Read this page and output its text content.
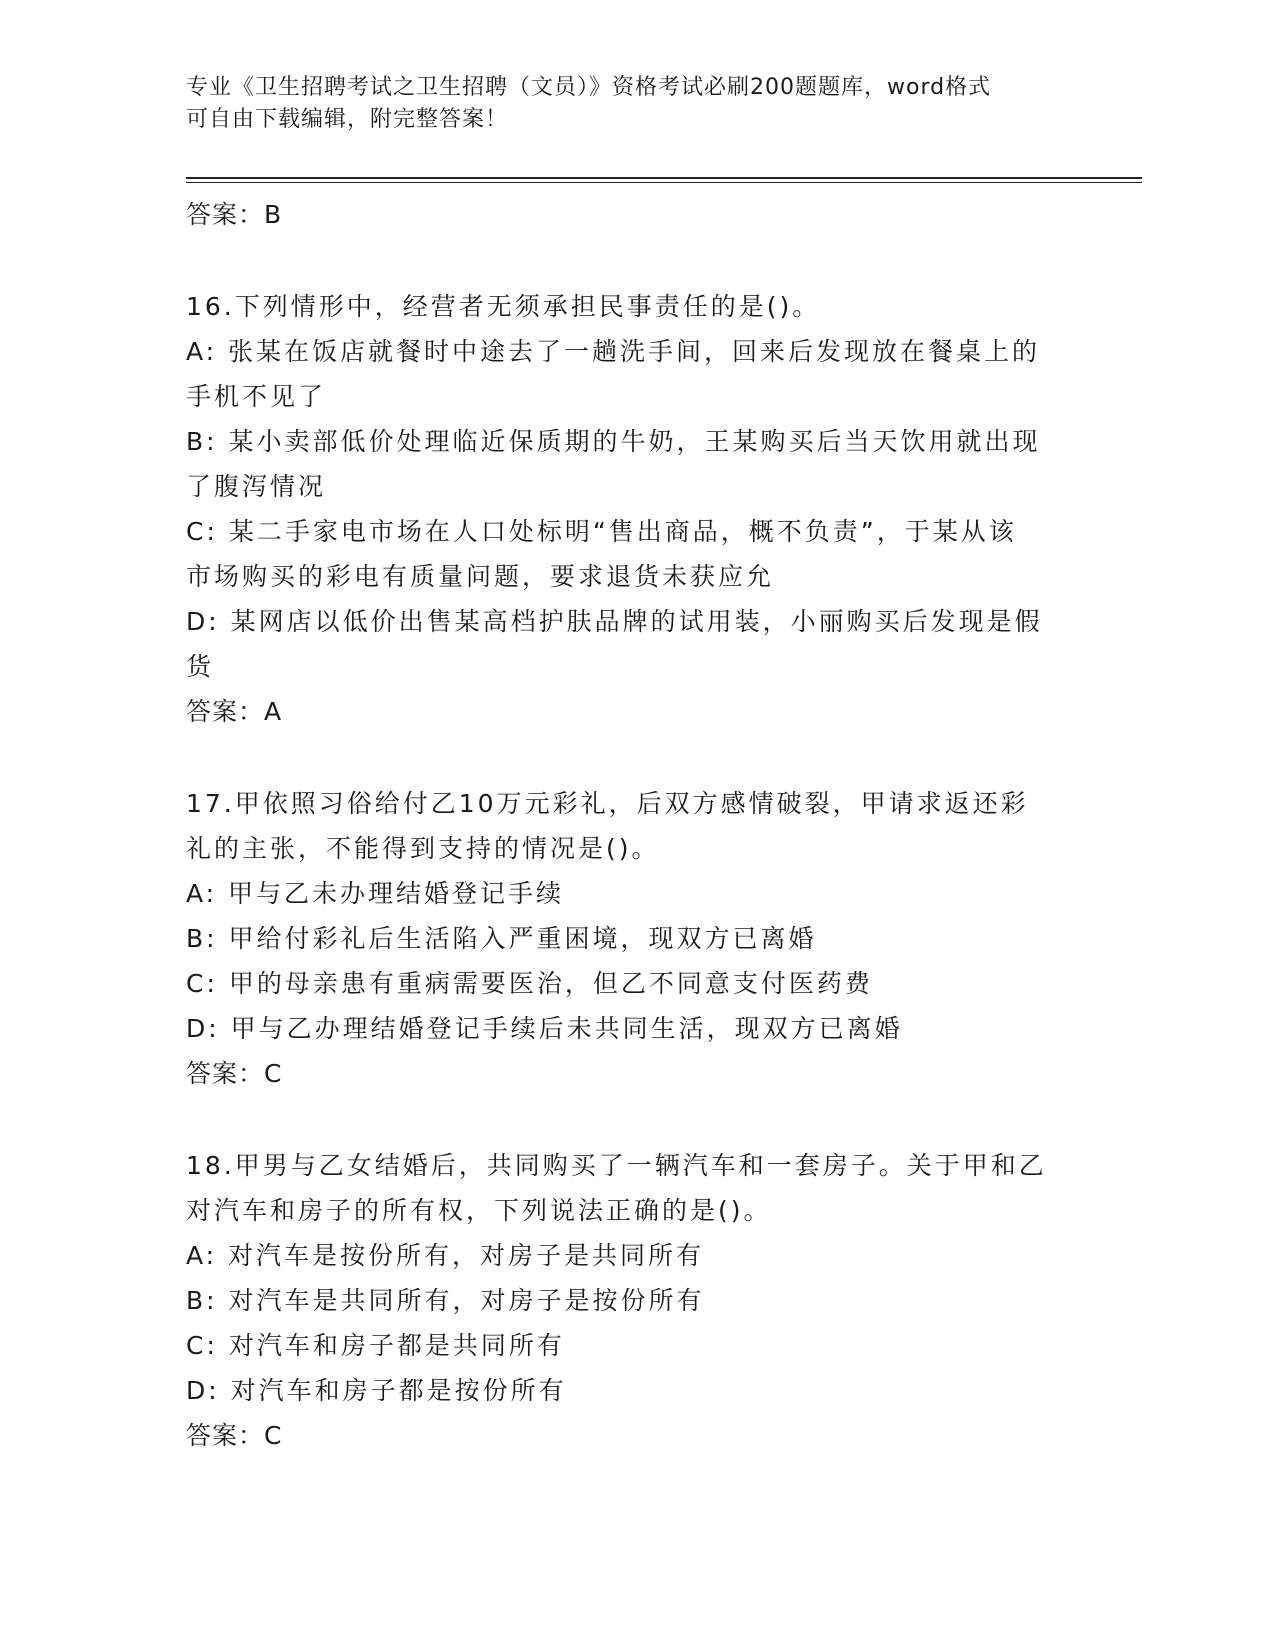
专业《卫生招聘考试之卫生招聘（文员）》资格考试必刷200题题库，word格式
可自由下载编辑，附完整答案！
答案：B
16.下列情形中，经营者无须承担民事责任的是()。
A: 张某在饭店就餐时中途去了一趟洗手间，回来后发现放在餐桌上的
手机不见了
B: 某小卖部低价处理临近保质期的牛奶，王某购买后当天饮用就出现
了腹泻情况
C: 某二手家电市场在人口处标明“售出商品，概不负责”，于某从该
市场购买的彩电有质量问题，要求退货未获应允
D: 某网店以低价出售某高档护肤品牌的试用装，小丽购买后发现是假
货
答案：A
17.甲依照习俗给付乙10万元彩礼，后双方感情破裂，甲请求返还彩
礼的主张，不能得到支持的情况是()。
A: 甲与乙未办理结婚登记手续
B: 甲给付彩礼后生活陷入严重困境，现双方已离婚
C: 甲的母亲患有重病需要医治，但乙不同意支付医药费
D: 甲与乙办理结婚登记手续后未共同生活，现双方已离婚
答案：C
18.甲男与乙女结婚后，共同购买了一辆汽车和一套房子。关于甲和乙
对汽车和房子的所有权，下列说法正确的是()。
A: 对汽车是按份所有，对房子是共同所有
B: 对汽车是共同所有，对房子是按份所有
C: 对汽车和房子都是共同所有
D: 对汽车和房子都是按份所有
答案：C
